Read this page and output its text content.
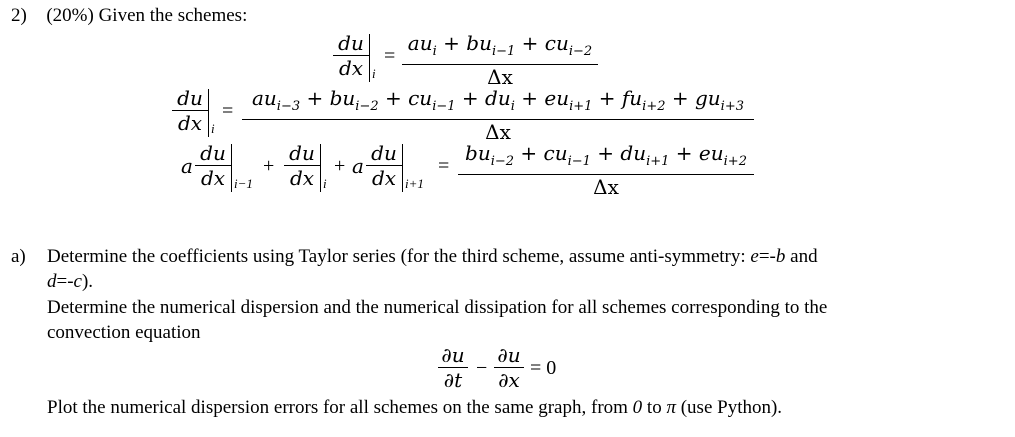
2) (20%) Given the schemes:
du
dx i
=
$au_i + bu_{i-1} + cu_{i-2}$
Δx
du
dx i
=
$au_{i-3} + bu_{i-2} + cu_{i-1} + du_i + eu_{i+1} + fu_{i+2} + gu_{i+3}$
Δx
a
du
dx i−1
+
du
dx i
+ a
du
dx i+1
=
$bu_{i-2} + cu_{i-1} + du_{i+1} + eu_{i+2}$
Δx
a) Determine the coefficients using Taylor series (for the third scheme, assume anti-symmetry: e=-b and
d=-c).
Determine the numerical dispersion and the numerical dissipation for all schemes corresponding to the
convection equation
∂u
∂t
−
∂u
∂x
= 0
Plot the numerical dispersion errors for all schemes on the same graph, from 0 to π (use Python).
